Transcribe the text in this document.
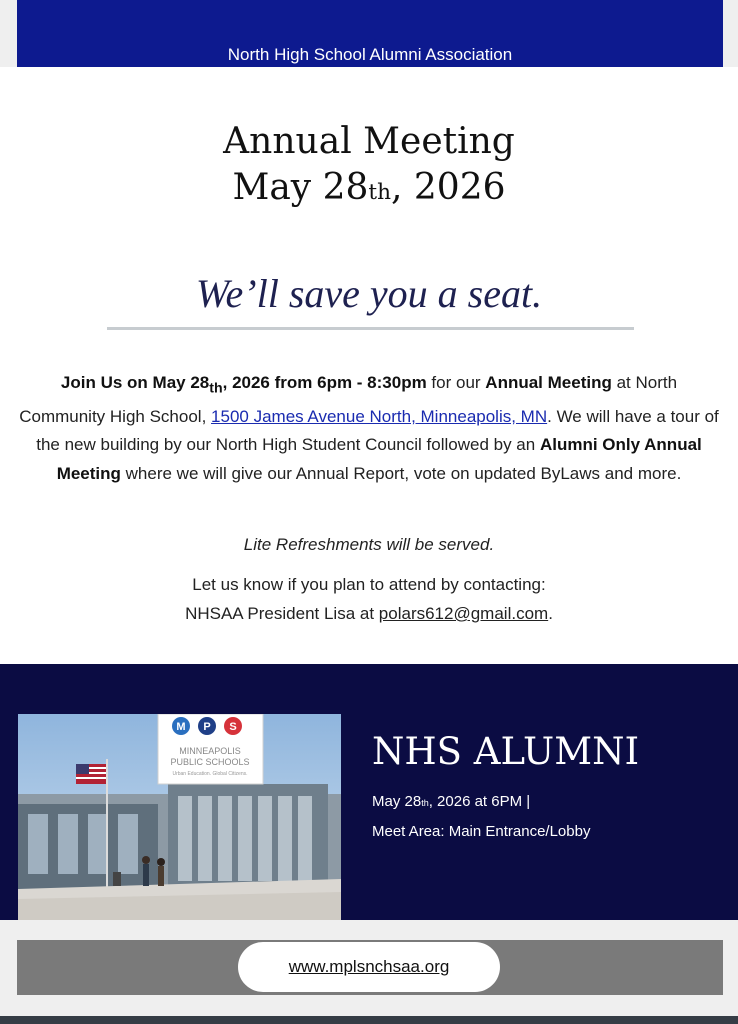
North High School Alumni Association
Annual Meeting
May 28th, 2026
We’ll save you a seat.
Join Us on May $28_{th}$, 2026 from 6pm - 8:30pm for our Annual Meeting at North Community High School, 1500 James Avenue North, Minneapolis, MN. We will have a tour of the new building by our North High Student Council followed by an Alumni Only Annual Meeting where we will give our Annual Report, vote on updated ByLaws and more.
Lite Refreshments will be served.
Let us know if you plan to attend by contacting:
NHSAA President Lisa at polars612@gmail.com.
M P S
MINNEAPOLIS
PUBLIC SCHOOLS
Urban Education. Global Citizens.
NHS ALUMNI
May 28th, 2026 at 6PM |
Meet Area: Main Entrance/Lobby
www.mplsnchsaa.org
